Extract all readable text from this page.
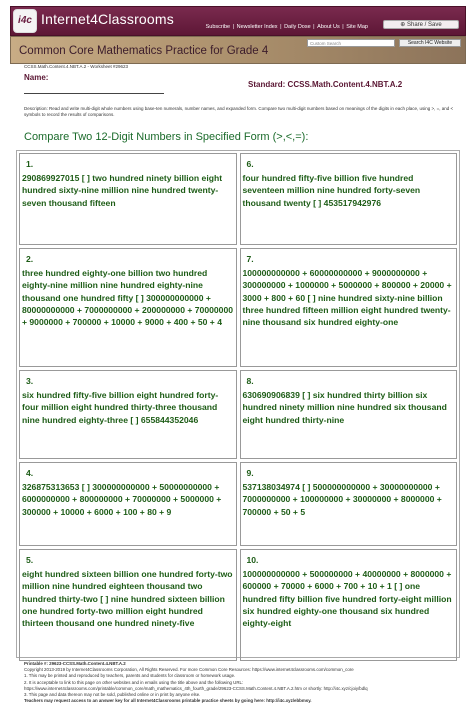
i4c Internet4Classrooms	Subscribe | Newsletter Index | Daily Dose | About Us | Site Map	⊕ Share / Save
Common Core Mathematics Practice for Grade 4
Custom Search	Search I4C Website
CCSS.Math.Content.4.NBT.A.2 - Worksheet #29623
Name:
Standard: CCSS.Math.Content.4.NBT.A.2
Description: Read and write multi-digit whole numbers using base-ten numerals, number names, and expanded form. Compare two multi-digit numbers based on meanings of the digits in each place, using >, =, and < symbols to record the results of comparisons.
Compare Two 12-Digit Numbers in Specified Form (>,<,=):
1.
290869927015 [ ] two hundred ninety billion eight hundred sixty-nine million nine hundred twenty-seven thousand fifteen
6.
four hundred fifty-five billion five hundred seventeen million nine hundred forty-seven thousand twenty [ ] 453517942976
2.
three hundred eighty-one billion two hundred eighty-nine million nine hundred eighty-nine thousand one hundred fifty [ ] 300000000000 + 80000000000 + 7000000000 + 200000000 + 70000000 + 9000000 + 700000 + 10000 + 9000 + 400 + 50 + 4
7.
100000000000 + 60000000000 + 9000000000 + 300000000 + 1000000 + 5000000 + 800000 + 20000 + 3000 + 800 + 60 [ ] nine hundred sixty-nine billion three hundred fifteen million eight hundred twenty-nine thousand six hundred eighty-one
3.
six hundred fifty-five billion eight hundred forty-four million eight hundred thirty-three thousand nine hundred eighty-three [ ] 655844352046
8.
630690906839 [ ] six hundred thirty billion six hundred ninety million nine hundred six thousand eight hundred thirty-nine
4.
326875313653 [ ] 300000000000 + 50000000000 + 6000000000 + 800000000 + 70000000 + 5000000 + 300000 + 10000 + 6000 + 100 + 80 + 9
9.
537138034974 [ ] 500000000000 + 30000000000 + 7000000000 + 100000000 + 30000000 + 8000000 + 700000 + 50 + 5
5.
eight hundred sixteen billion one hundred forty-two million nine hundred eighteen thousand two hundred thirty-two [ ] nine hundred sixteen billion one hundred forty-two million eight hundred thirteen thousand one hundred ninety-five
10.
100000000000 + 500000000 + 40000000 + 8000000 + 600000 + 70000 + 6000 + 700 + 10 + 1 [ ] one hundred fifty billion five hundred forty-eight million six hundred eighty-one thousand six hundred eighty-eight
Printable #: 29623-CCSS.Math.Content.4.NBT.A.2
Copyright 2013-2019 by Internet4Classrooms Corporation, All Rights Reserved. For more Common Core Resources: https://www.internet4classrooms.com/common_core
1. This may be printed and reproduced by teachers, parents and students for classroom or homework usage.
2. It is acceptable to link to this page on other websites and in emails using the title above and the following URL:
https://www.internet4classrooms.com/printable/common_core/math_mathematics_4th_fourth_grade/29623-CCSS.Math.Content.4.NBT.A.2.htm or shortly: http://i4c.xyz/cjoiy/bdlq
3. This page and data thereon may not be sold, published online or in print by anyone else.
Teachers may request access to an answer key for all Internet4Classrooms printable practice sheets by going here: http://i4c.xyz/ebbmsy.
